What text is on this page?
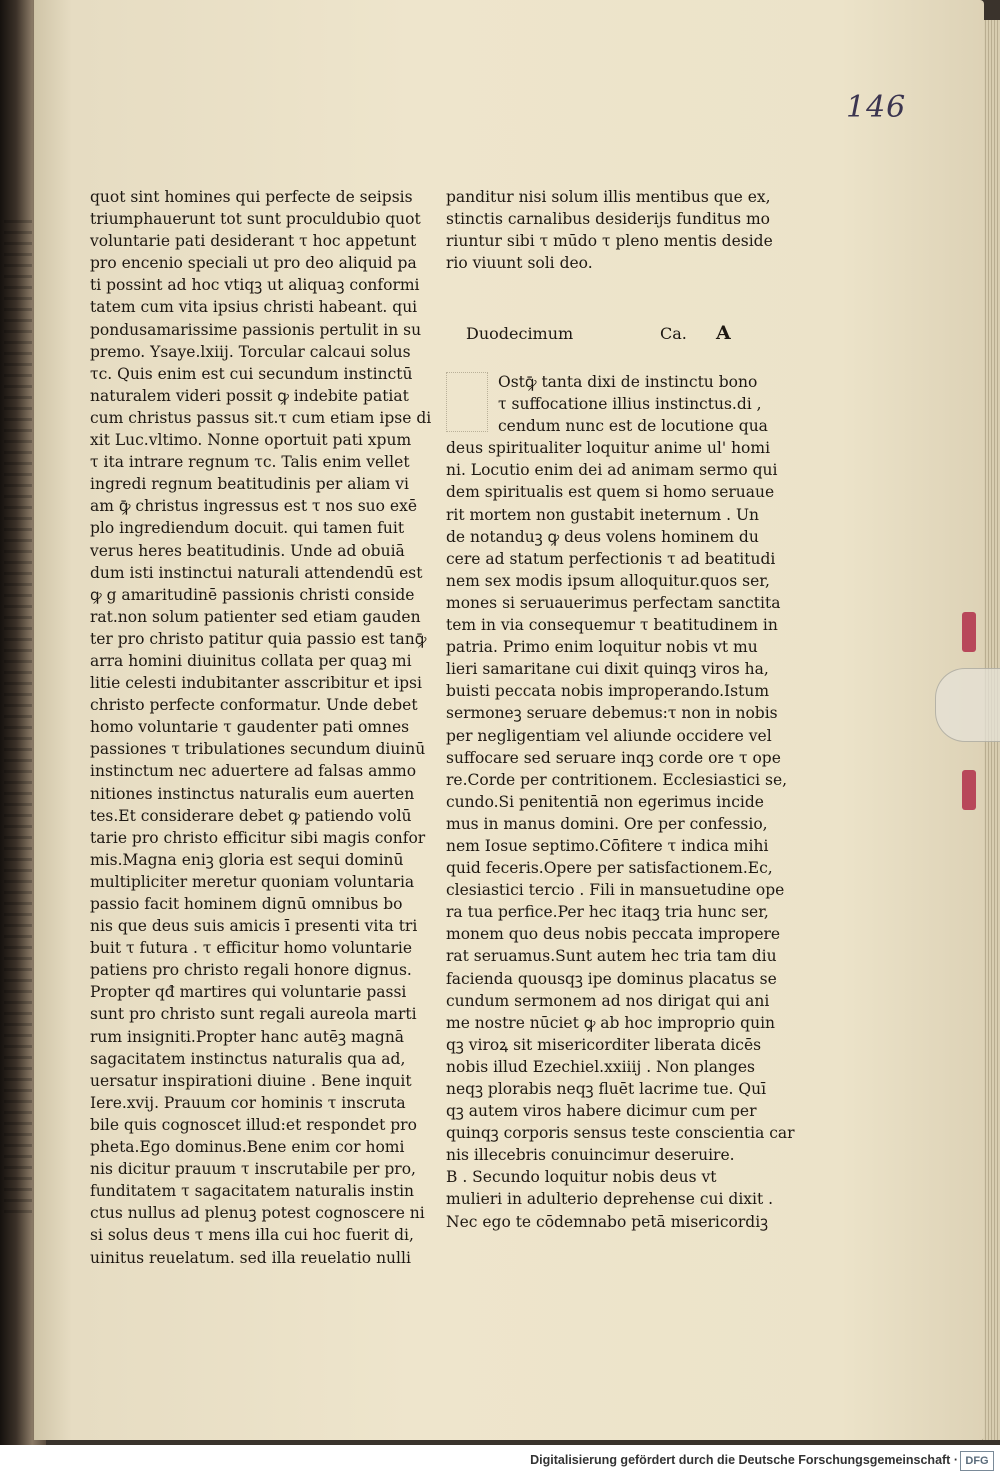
146
quot sint homines qui perfecte de seipsis
triumphauerunt tot sunt proculdubio quot
voluntarie pati desiderant τ hoc appetunt
pro encenio speciali ut pro deo aliquid pa
ti possint ad hoc vtiqꝫ ut aliquaꝫ conformi
tatem cum vita ipsius christi habeant. qui
pondusamarissime passionis pertulit in su
premo. Ysaye.lxiij. Torcular calcaui solus
τc. Quis enim est cui secundum instinctū
naturalem videri possit ꝙ indebite patiat
cum christus passus sit.τ cum etiam ipse di
xit Luc.vltimo. Nonne oportuit pati xpum
τ ita intrare regnum τc. Talis enim vellet
ingredi regnum beatitudinis per aliam vi
am ꝙ̄ christus ingressus est τ nos suo exē
plo ingrediendum docuit. qui tamen fuit
verus heres beatitudinis. Unde ad obuiā
dum isti instinctui naturali attendendū est
ꝙ g amaritudinē passionis christi conside
rat.non solum patienter sed etiam gauden
ter pro christo patitur quia passio est tanꝙ̄
arra homini diuinitus collata per quaꝫ mi
litie celesti indubitanter asscribitur et ipsi
christo perfecte conformatur. Unde debet
homo voluntarie τ gaudenter pati omnes
passiones τ tribulationes secundum diuinū
instinctum nec aduertere ad falsas ammo
nitiones instinctus naturalis eum auerten
tes.Et considerare debet ꝙ patiendo volū
tarie pro christo efficitur sibi magis confor
mis.Magna eniꝫ gloria est sequi dominū
multipliciter meretur quoniam voluntaria
passio facit hominem dignū omnibus bo
nis que deus suis amicis ī presenti vita tri
buit τ futura . τ efficitur homo voluntarie
patiens pro christo regali honore dignus.
Propter qđ martires qui voluntarie passi
sunt pro christo sunt regali aureola marti
rum insigniti.Propter hanc autēꝫ magnā
sagacitatem instinctus naturalis qua ad,
uersatur inspirationi diuine . Bene inquit
Iere.xvij. Prauum cor hominis τ inscruta
bile quis cognoscet illud:et respondet pro
pheta.Ego dominus.Bene enim cor homi
nis dicitur prauum τ inscrutabile per pro,
funditatem τ sagacitatem naturalis instin
ctus nullus ad plenuꝫ potest cognoscere ni
si solus deus τ mens illa cui hoc fuerit di,
uinitus reuelatum. sed illa reuelatio nulli
panditur nisi solum illis mentibus que ex,
stinctis carnalibus desiderijs funditus mo
riuntur sibi τ mūdo τ pleno mentis deside
rio viuunt soli deo.
Duodecimum	Ca. A
Ostꝙ̄ tanta dixi de instinctu bono
τ suffocatione illius instinctus.di ,
cendum nunc est de locutione qua
deus spiritualiter loquitur anime ul' homi
ni. Locutio enim dei ad animam sermo qui
dem spiritualis est quem si homo seruaue
rit mortem non gustabit ineternum . Un
de notanduꝫ ꝙ deus volens hominem du
cere ad statum perfectionis τ ad beatitudi
nem sex modis ipsum alloquitur.quos ser,
mones si seruauerimus perfectam sanctita
tem in via consequemur τ beatitudinem in
patria. Primo enim loquitur nobis vt mu
lieri samaritane cui dixit quinqꝫ viros ha,
buisti peccata nobis improperando.Istum
sermoneꝫ seruare debemus:τ non in nobis
per negligentiam vel aliunde occidere vel
suffocare sed seruare inqꝫ corde ore τ ope
re.Corde per contritionem. Ecclesiastici se,
cundo.Si penitentiā non egerimus incide
mus in manus domini. Ore per confessio,
nem Iosue septimo.Cōfitere τ indica mihi
quid feceris.Opere per satisfactionem.Ec,
clesiastici tercio . Fili in mansuetudine ope
ra tua perfice.Per hec itaqꝫ tria hunc ser,
monem quo deus nobis peccata impropere
rat seruamus.Sunt autem hec tria tam diu
facienda quousqꝫ ipe dominus placatus se
cundum sermonem ad nos dirigat qui ani
me nostre nūciet ꝙ ab hoc improprio quin
qꝫ viroꝝ sit misericorditer liberata dicēs
nobis illud Ezechiel.xxiiij . Non planges
neqꝫ plorabis neqꝫ fluēt lacrime tue. Quī
qꝫ autem viros habere dicimur cum per
quinqꝫ corporis sensus teste conscientia car
nis illecebris conuincimur deseruire.
B . Secundo loquitur nobis deus vt
mulieri in adulterio deprehense cui dixit .
Nec ego te cōdemnabo petā misericordiꝫ
Digitalisierung gefördert durch die Deutsche Forschungsgemeinschaft · DFG
